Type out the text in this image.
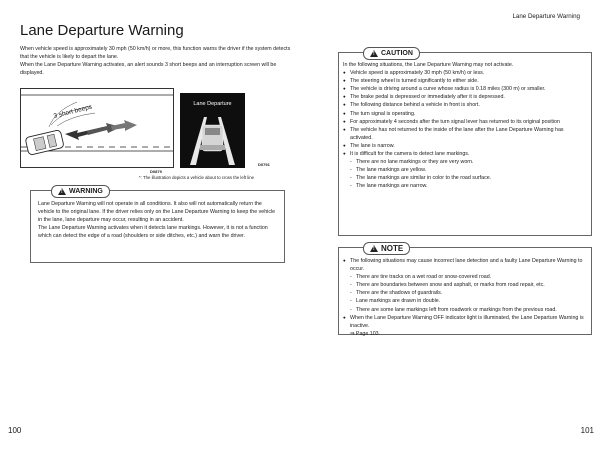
Lane Departure Warning
Lane Departure Warning

When vehicle speed is approximately 30 mph (50 km/h) or more, this function warns the driver if the system detects that the vehicle is likely to depart the lane.

When the Lane Departure Warning activates, an alert sounds 3 short beeps and an interruption screen will be displayed.

3 short beeps
D0879
Lane Departure
D0791
*: The illustration depicts a vehicle about to cross the left line
!
WARNING
Lane Departure Warning will not operate in all conditions. It also will not automatically return the vehicle to the original lane. If the driver relies only on the Lane Departure Warning to keep the vehicle in the lane, lane departure may occur, resulting in an accident.
The Lane Departure Warning activates when it detects lane markings. However, it is not a function which can detect the edge of a road (shoulders or side ditches, etc.) and warn the driver.
!
CAUTION
In the following situations, the Lane Departure Warning may not activate.
● Vehicle speed is approximately 30 mph (50 km/h) or less.
● The steering wheel is turned significantly to either side.
● The vehicle is driving around a curve whose radius is 0.18 miles (300 m) or smaller.
● The brake pedal is depressed or immediately after it is depressed.
● The following distance behind a vehicle in front is short.
● The turn signal is operating.
● For approximately 4 seconds after the turn signal lever has returned to its original position
● The vehicle has not returned to the inside of the lane after the Lane Departure Warning has activated.
● The lane is narrow.
● It is difficult for the camera to detect lane markings.
- There are no lane markings or they are very worn.
- The lane markings are yellow.
- The lane markings are similar in color to the road surface.
- The lane markings are narrow.
!
NOTE
● The following situations may cause incorrect lane detection and a faulty Lane Departure Warning to occur.
- There are tire tracks on a wet road or snow-covered road.
- There are boundaries between snow and asphalt, or marks from road repair, etc.
- There are the shadows of guardrails.
- Lane markings are drawn in double.
- There are some lane markings left from roadwork or markings from the previous road.
● When the Lane Departure Warning OFF indicator light is illuminated, the Lane Departure Warning is inactive.
⇒ Page 103.
100	101
